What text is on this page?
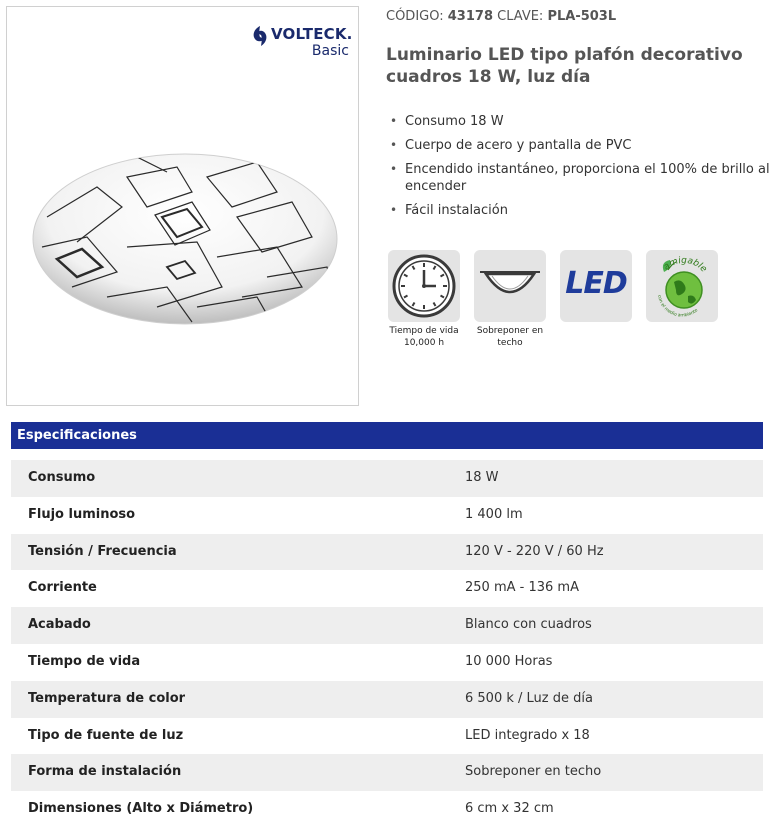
VOLTECK.
Basic
CÓDIGO: 43178 CLAVE: PLA-503L
Luminario LED tipo plafón decorativo cuadros 18 W, luz día
• Consumo 18 W
• Cuerpo de acero y pantalla de PVC
• Encendido instantáneo, proporciona el 100% de brillo al encender
• Fácil instalación
Tiempo de vida 10,000 h
Sobreponer en techo
LED	amigable
con el medio ambiente
Especificaciones
Consumo	18 W
Flujo luminoso	1 400 lm
Tensión / Frecuencia	120 V - 220 V / 60 Hz
Corriente	250 mA - 136 mA
Acabado	Blanco con cuadros
Tiempo de vida	10 000 Horas
Temperatura de color	6 500 k / Luz de día
Tipo de fuente de luz	LED integrado x 18
Forma de instalación	Sobreponer en techo
Dimensiones (Alto x Diámetro)	6 cm x 32 cm
